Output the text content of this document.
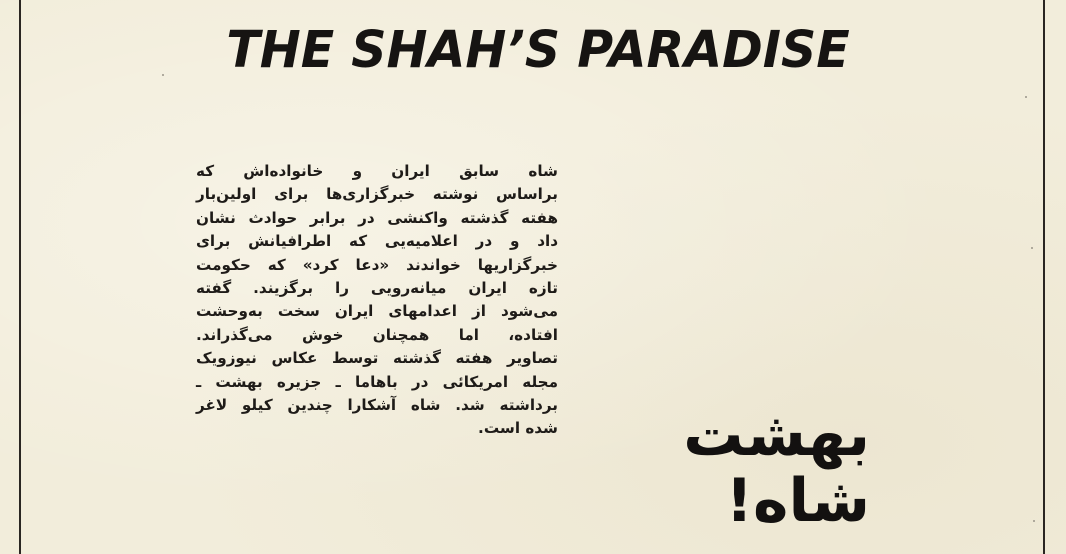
THE SHAH’S PARADISE
شاه سابق ایران و خانواده‌اش که
براساس نوشته خبرگزاری‌ها برای اولین‌بار
هفته گذشته واکنشی در برابر حوادث نشان
داد و در اعلامیه‌یی که اطرافیانش برای
خبرگزاریها خواندند «دعا کرد» که حکومت
تازه ایران میانه‌رویی را برگزیند. گفته
می‌شود از اعدامهای ایران سخت به‌وحشت
افتاده، اما همچنان خوش می‌گذراند.
تصاویر هفته گذشته توسط عکاس نیوزویک
مجله امریکائی در باهاما ـ جزیره بهشت ـ
برداشته شد. شاه آشکارا چندین کیلو لاغر
شده است.	بهشت شاه!
